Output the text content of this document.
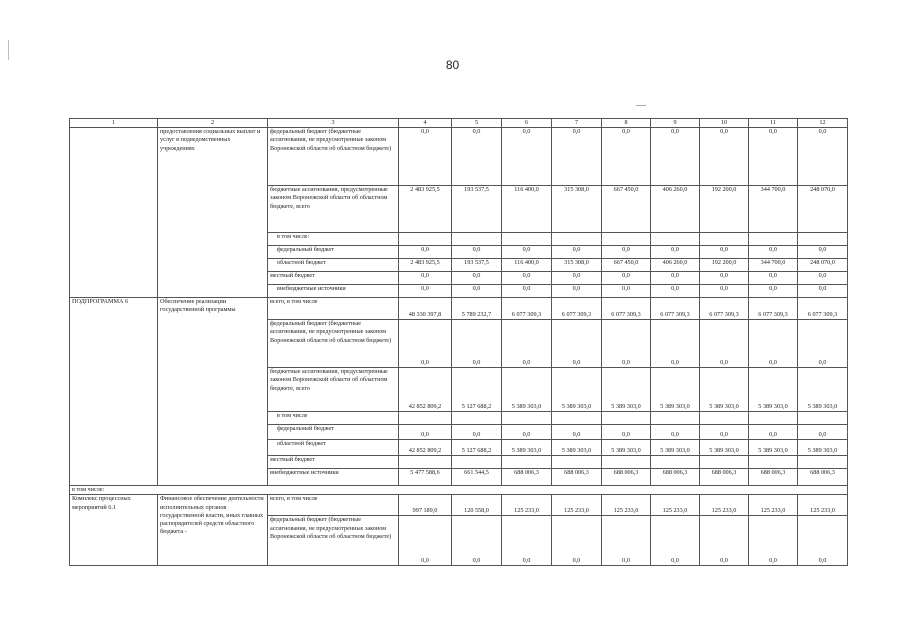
80
1	2	3	4	5	6	7	8	9	10	11	12
	предоставления социальных выплат и услуг в подведомственных учреждениях	федеральный бюджет (бюджетные ассигнования, не предусмотренные законом Воронежской области об областном бюджете)	0,0	0,0	0,0	0,0	0,0	0,0	0,0	0,0	0,0
		бюджетные ассигнования, предусмотренные законом Воронежской области об областном бюджете, всего	2 483 925,5	193 537,5	116 400,0	315 308,0	667 450,0	406 260,0	192 200,0	344 700,0	248 070,0
		в том числе:									
		федеральный бюджет	0,0	0,0	0,0	0,0	0,0	0,0	0,0	0,0	0,0
		областной бюджет	2 483 925,5	193 537,5	116 400,0	315 308,0	667 450,0	406 260,0	192 200,0	344 700,0	248 070,0
		местный бюджет	0,0	0,0	0,0	0,0	0,0	0,0	0,0	0,0	0,0
		внебюджетные источники	0,0	0,0	0,0	0,0	0,0	0,0	0,0	0,0	0,0
ПОДПРОГРАММА 6	Обеспечение реализации государственной программы	всего, в том числе	48 330 397,8	5 789 232,7	6 077 309,3	6 077 309,3	6 077 309,3	6 077 309,3	6 077 309,3	6 077 309,3	6 077 309,3
		федеральный бюджет (бюджетные ассигнования, не предусмотренные законом Воронежской области об областном бюджете)	0,0	0,0	0,0	0,0	0,0	0,0	0,0	0,0	0,0
		бюджетные ассигнования, предусмотренные законом Воронежской области об областном бюджете, всего	42 852 809,2	5 127 688,2	5 389 303,0	5 389 303,0	5 389 303,0	5 389 303,0	5 389 303,0	5 389 303,0	5 389 303,0
		в том числе									
		федеральный бюджет	0,0	0,0	0,0	0,0	0,0	0,0	0,0	0,0	0,0
		областной бюджет	42 852 809,2	5 127 688,2	5 389 303,0	5 389 303,0	5 389 303,0	5 389 303,0	5 389 303,0	5 389 303,0	5 389 303,0
		местный бюджет									
		внебюджетные источники	5 477 588,6	661 544,5	688 006,3	688 006,3	688 006,3	688 006,3	688 006,3	688 006,3	688 006,3
в том числе:											
Комплекс процессных мероприятий 6.1	Финансовое обеспечение деятельности исполнительных органов государственной власти, иных главных распорядителей средств областного бюджета -	всего, в том числе	997 189,0	120 558,0	125 233,0	125 233,0	125 233,0	125 233,0	125 233,0	125 233,0	125 233,0
		федеральный бюджет (бюджетные ассигнования, не предусмотренные законом Воронежской области об областном бюджете)	0,0	0,0	0,0	0,0	0,0	0,0	0,0	0,0	0,0
